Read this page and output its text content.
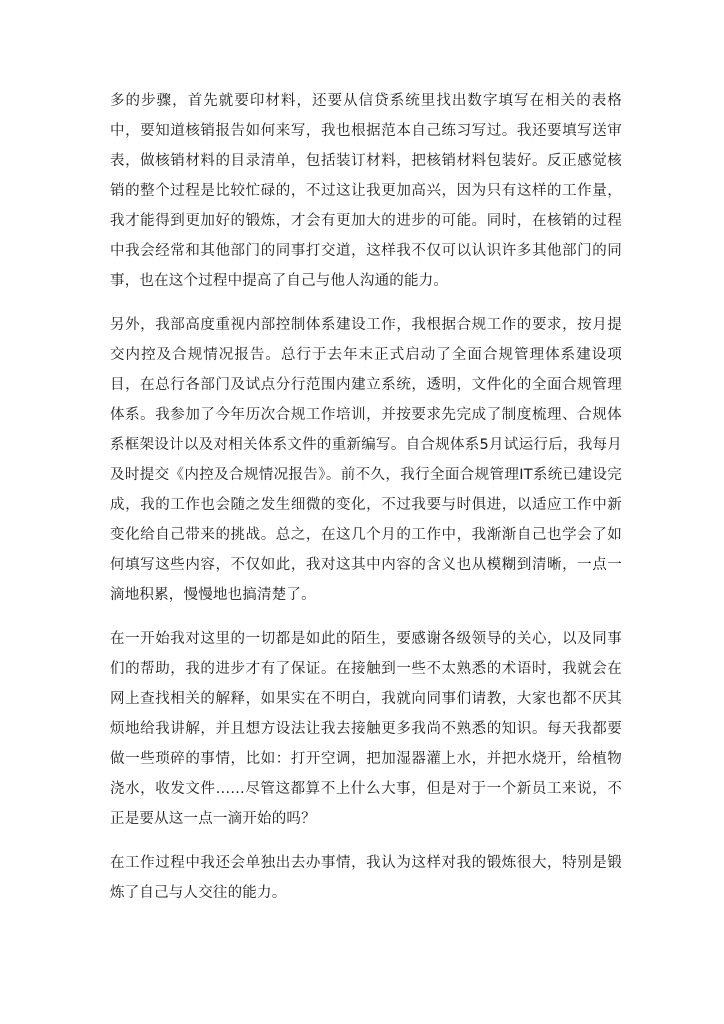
多的步骤，首先就要印材料，还要从信贷系统里找出数字填写在相关的表格中，要知道核销报告如何来写，我也根据范本自己练习写过。我还要填写送审表，做核销材料的目录清单，包括装订材料，把核销材料包装好。反正感觉核销的整个过程是比较忙碌的，不过这让我更加高兴，因为只有这样的工作量，我才能得到更加好的锻炼，才会有更加大的进步的可能。同时，在核销的过程中我会经常和其他部门的同事打交道，这样我不仅可以认识许多其他部门的同事，也在这个过程中提高了自己与他人沟通的能力。

另外，我部高度重视内部控制体系建设工作，我根据合规工作的要求，按月提交内控及合规情况报告。总行于去年末正式启动了全面合规管理体系建设项目，在总行各部门及试点分行范围内建立系统，透明，文件化的全面合规管理体系。我参加了今年历次合规工作培训，并按要求先完成了制度梳理、合规体系框架设计以及对相关体系文件的重新编写。自合规体系5月试运行后，我每月及时提交《内控及合规情况报告》。前不久，我行全面合规管理IT系统已建设完成，我的工作也会随之发生细微的变化，不过我要与时俱进，以适应工作中新变化给自己带来的挑战。总之，在这几个月的工作中，我渐渐自己也学会了如何填写这些内容，不仅如此，我对这其中内容的含义也从模糊到清晰，一点一滴地积累，慢慢地也搞清楚了。

在一开始我对这里的一切都是如此的陌生，要感谢各级领导的关心，以及同事们的帮助，我的进步才有了保证。在接触到一些不太熟悉的术语时，我就会在网上查找相关的解释，如果实在不明白，我就向同事们请教，大家也都不厌其烦地给我讲解，并且想方设法让我去接触更多我尚不熟悉的知识。每天我都要做一些琐碎的事情，比如：打开空调，把加湿器灌上水，并把水烧开，给植物浇水，收发文件……尽管这都算不上什么大事，但是对于一个新员工来说，不正是要从这一点一滴开始的吗？

在工作过程中我还会单独出去办事情，我认为这样对我的锻炼很大，特别是锻炼了自己与人交往的能力。
